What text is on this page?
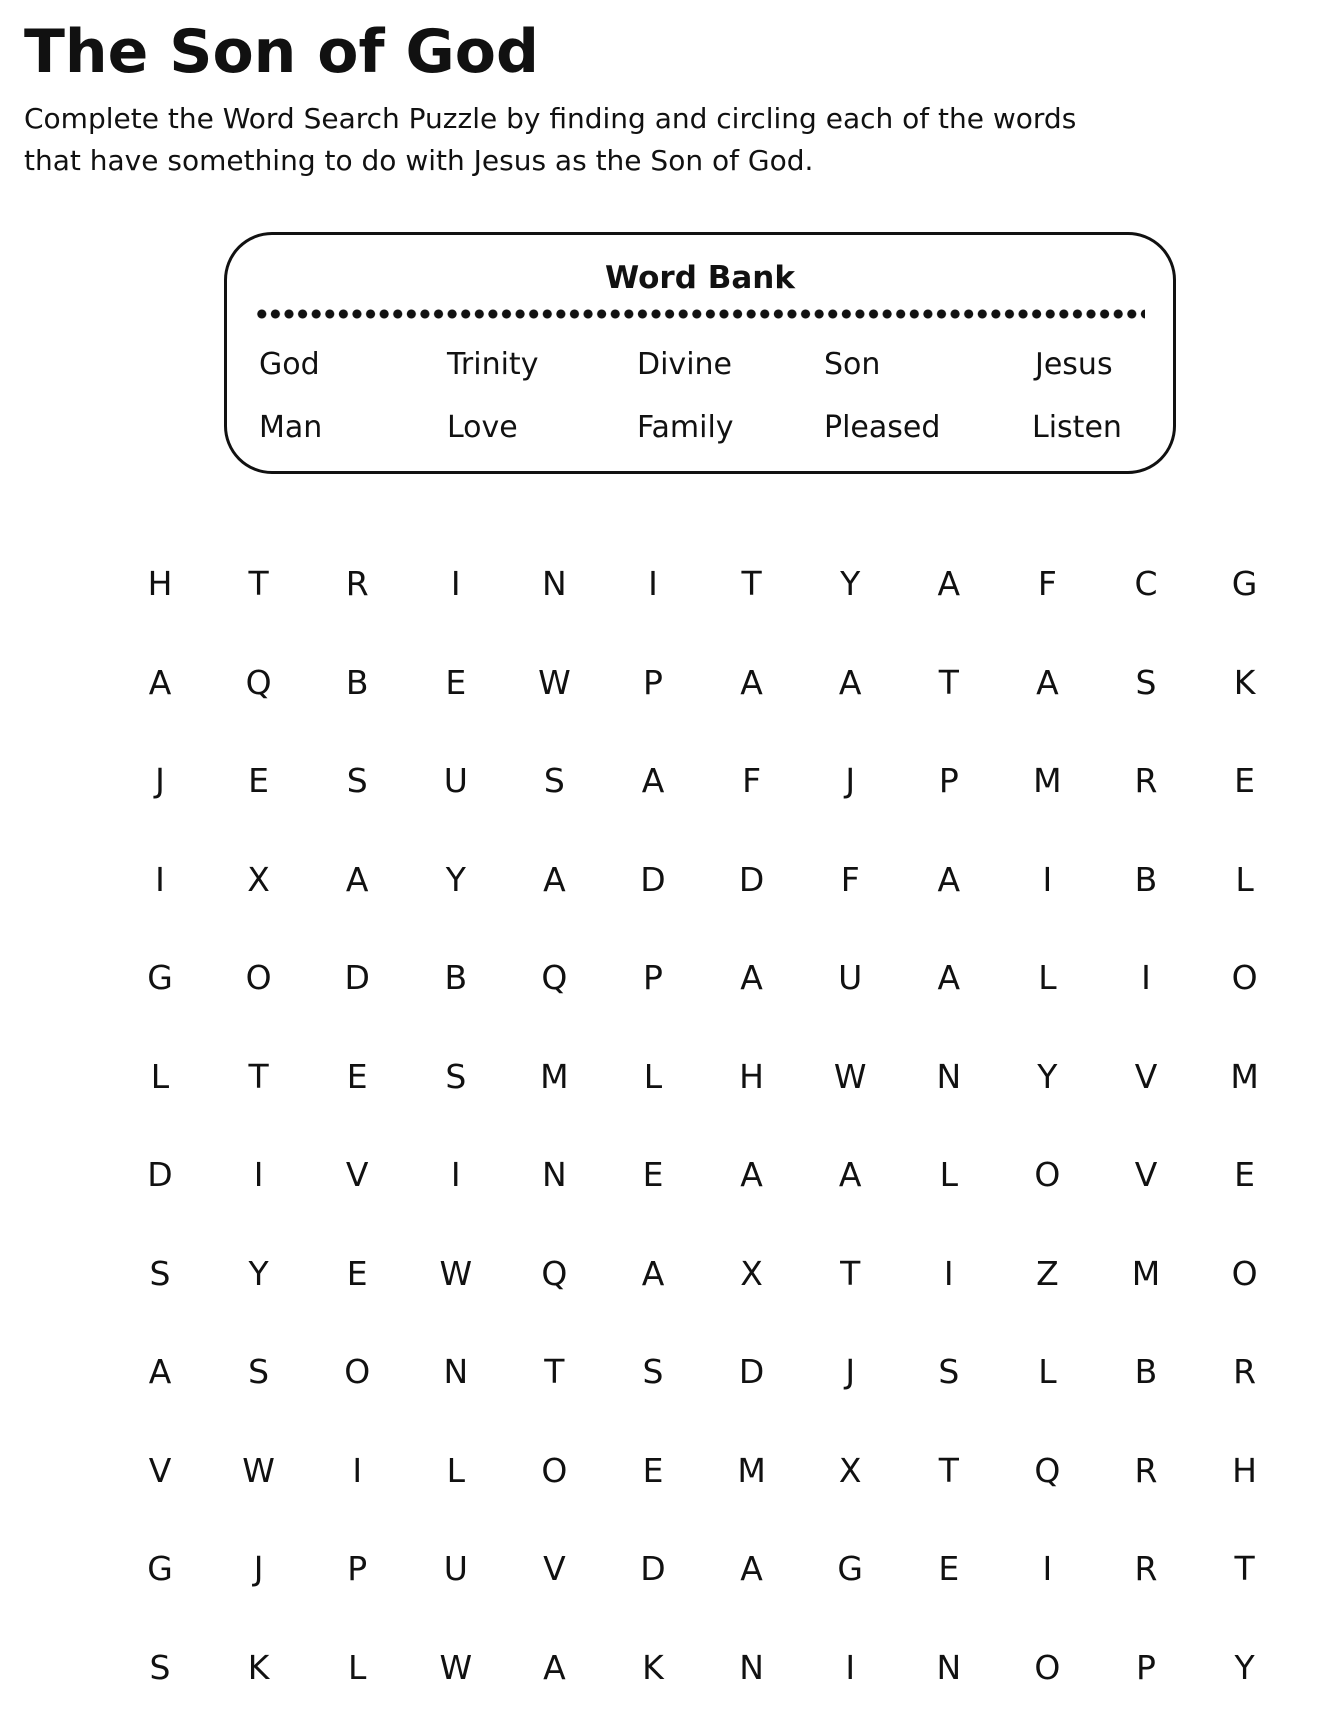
The Son of God
Complete the Word Search Puzzle by finding and circling each of the words
that have something to do with Jesus as the Son of God.
Word Bank
God	Trinity	Divine	Son	Jesus
Man	Love	Family	Pleased	Listen
H	T	R	I	N	I	T	Y	A	F	C	G
A	Q	B	E	W	P	A	A	T	A	S	K
J	E	S	U	S	A	F	J	P	M	R	E
I	X	A	Y	A	D	D	F	A	I	B	L
G	O	D	B	Q	P	A	U	A	L	I	O
L	T	E	S	M	L	H	W	N	Y	V	M
D	I	V	I	N	E	A	A	L	O	V	E
S	Y	E	W	Q	A	X	T	I	Z	M	O
A	S	O	N	T	S	D	J	S	L	B	R
V	W	I	L	O	E	M	X	T	Q	R	H
G	J	P	U	V	D	A	G	E	I	R	T
S	K	L	W	A	K	N	I	N	O	P	Y
